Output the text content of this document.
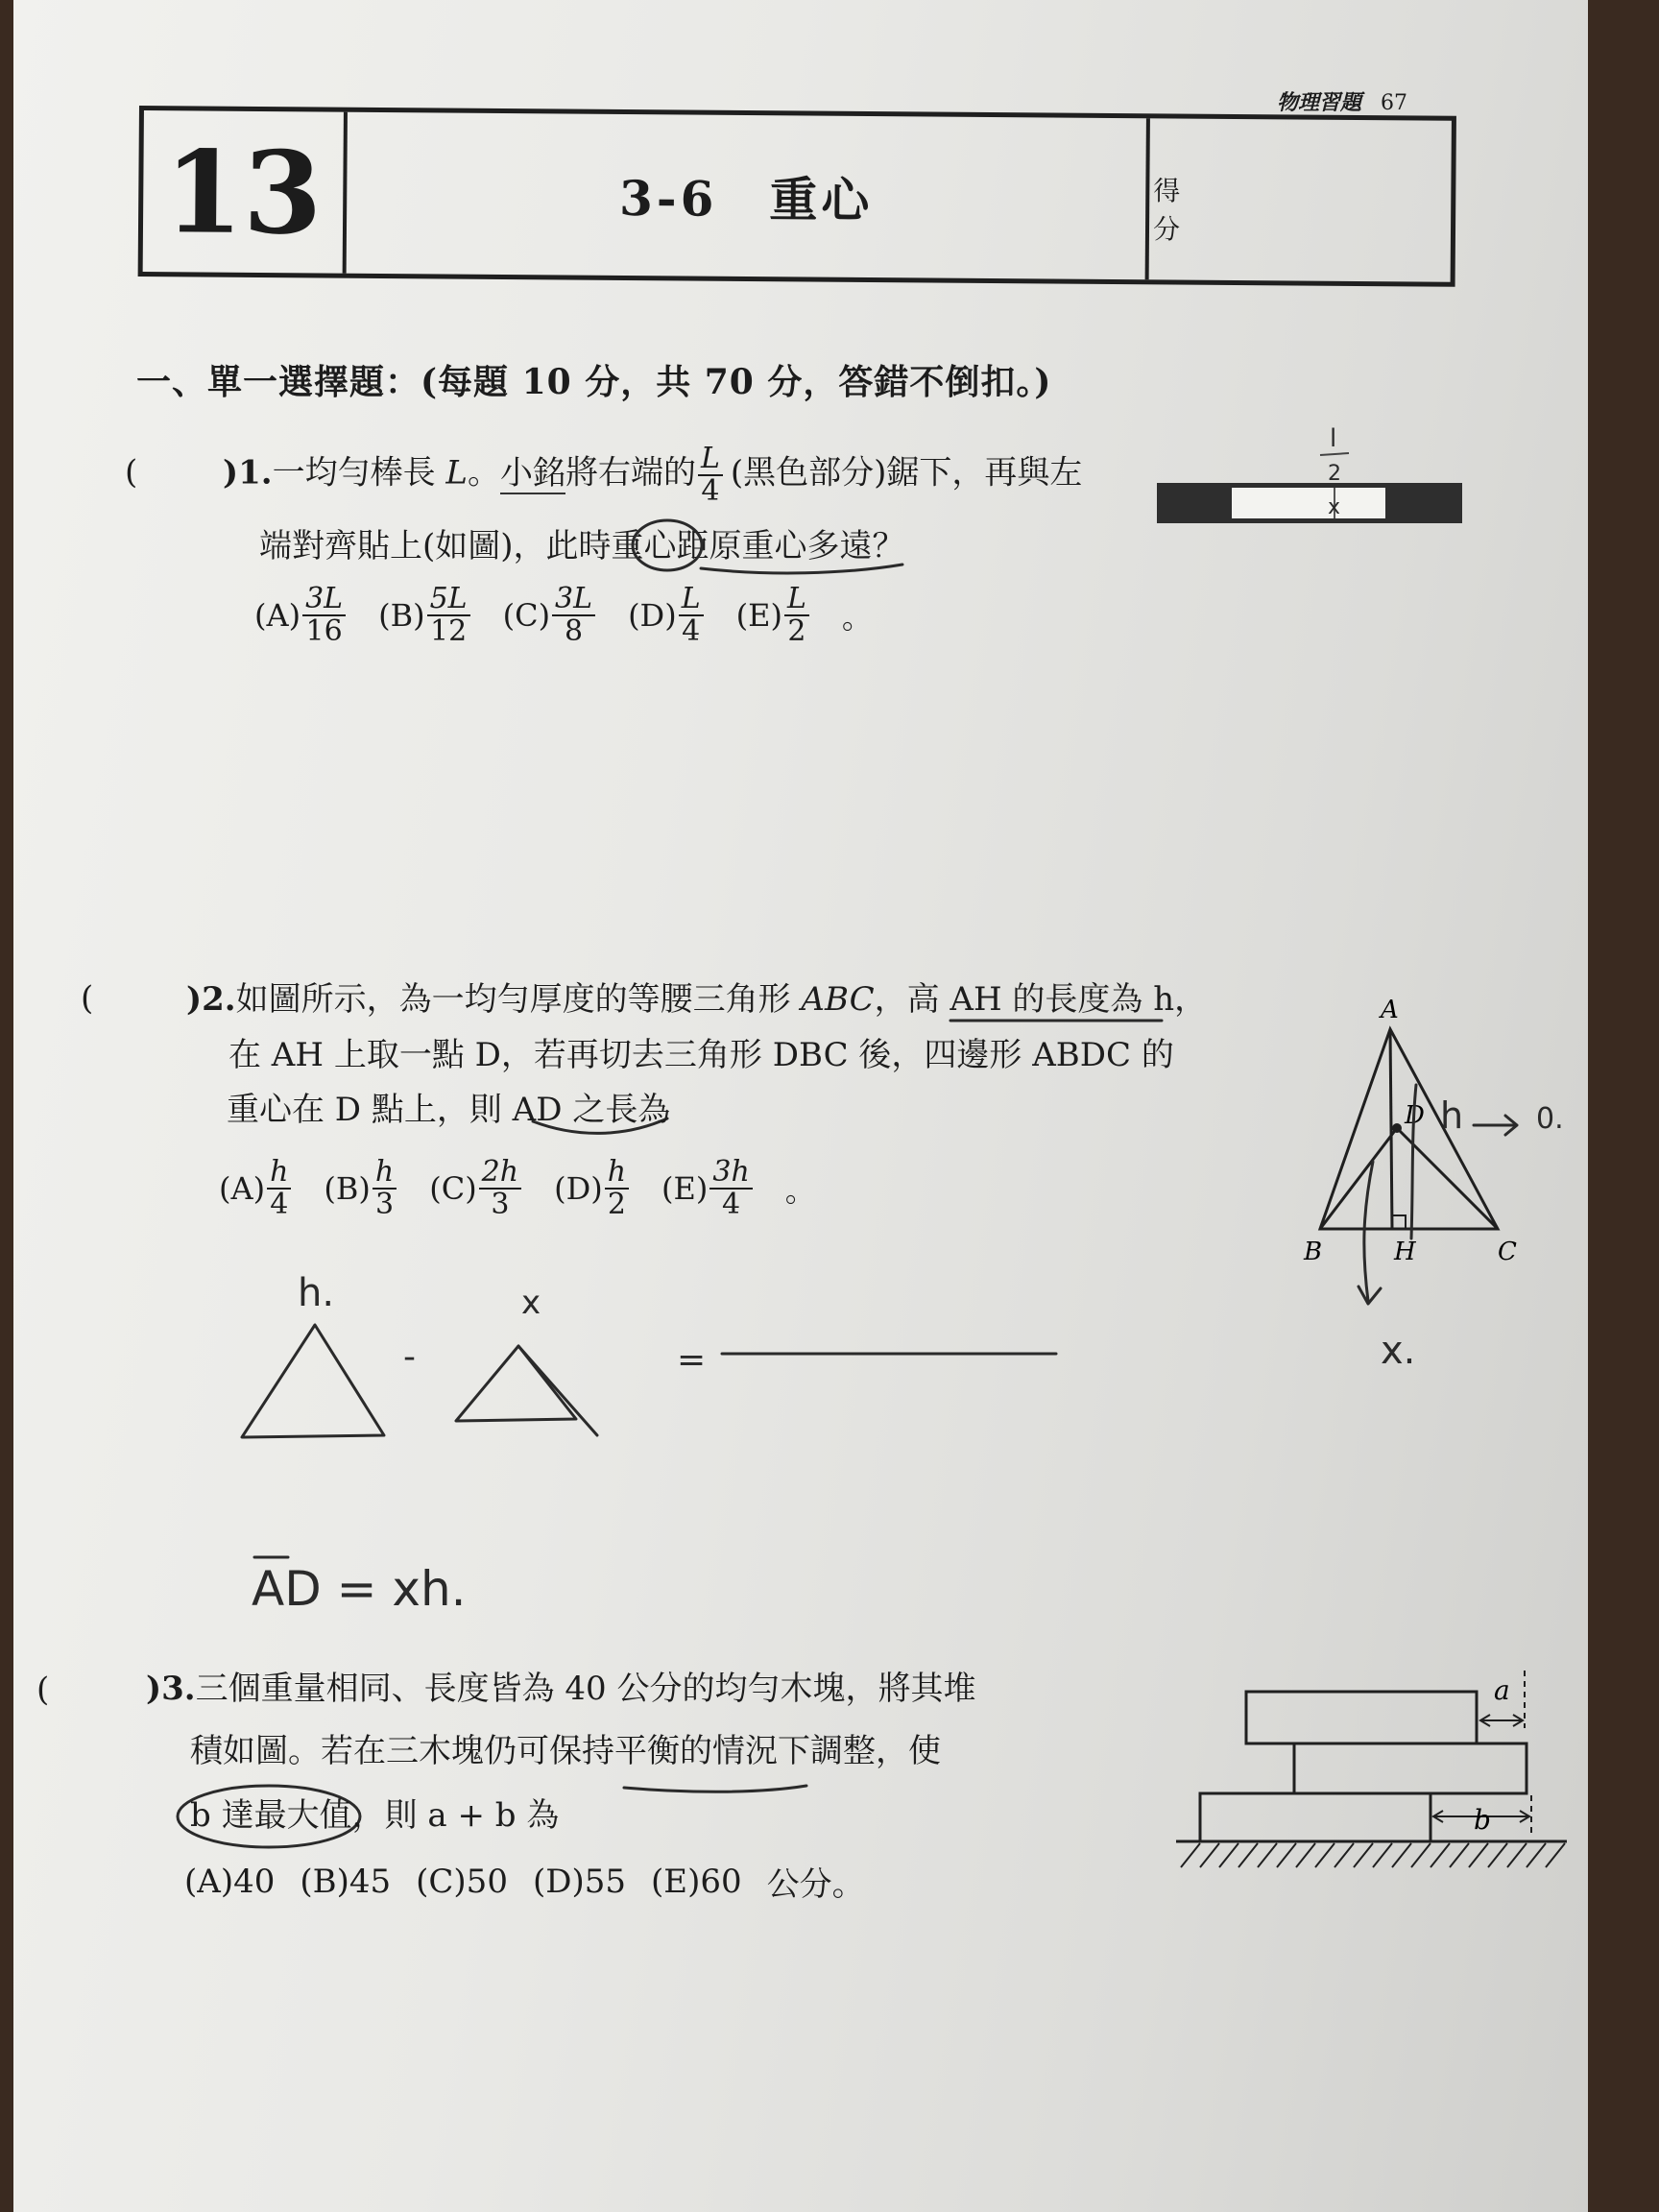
物理習題 67
13	3-6　重心	得
分
一、單一選擇題：(每題 10 分，共 70 分，答錯不倒扣。)
(	)1.一均勻棒長 L。小銘將右端的 $\frac{L}{4}$ (黑色部分)鋸下，再與左
端對齊貼上(如圖)，此時重心距原重心多遠？
$(A) \frac{3L}{16} (B) \frac{5L}{12} (C) \frac{3L}{8} (D) \frac{L}{4} (E) \frac{L}{2}$ 。
l
2
x
A
B	C
D
H
h	0.
x.
h.
-
x
=
AD = xh.
a
b
(	)2.如圖所示，為一均勻厚度的等腰三角形 ABC，高 AH 的長度為 h，
在 AH 上取一點 D，若再切去三角形 DBC 後，四邊形 ABDC 的
重心在 D 點上，則 AD 之長為
$(A) \frac{h}{4} (B) \frac{h}{3} (C) \frac{2h}{3} (D) \frac{h}{2} (E) \frac{3h}{4}$ 。
(	)3.三個重量相同、長度皆為 40 公分的均勻木塊，將其堆
積如圖。若在三木塊仍可保持平衡的情況下調整，使
b 達最大值，則 a + b 為
(A)40 (B)45 (C)50 (D)55 (E)60 公分。
